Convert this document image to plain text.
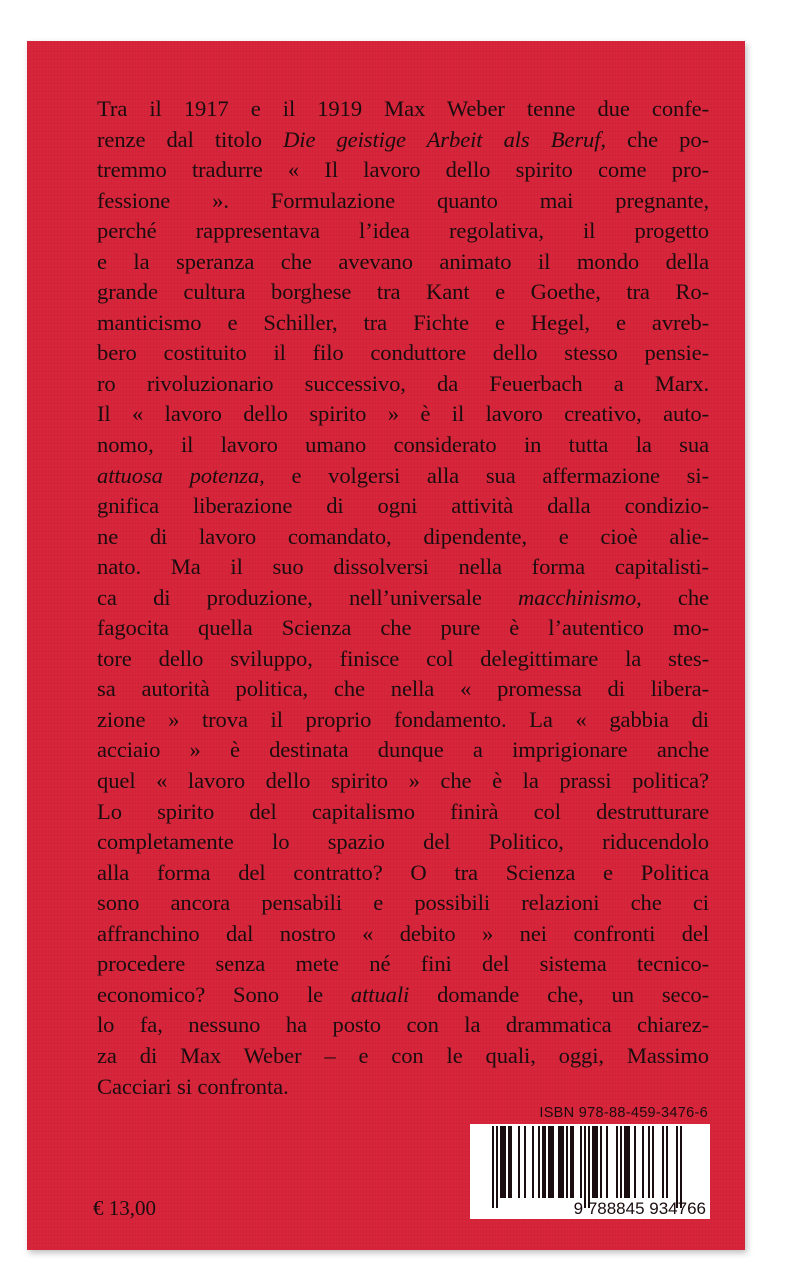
Tra il 1917 e il 1919 Max Weber tenne due confe-
renze dal titolo Die geistige Arbeit als Beruf, che po-
tremmo tradurre « Il lavoro dello spirito come pro-
fessione ». Formulazione quanto mai pregnante,
perché rappresentava l’idea regolativa, il progetto
e la speranza che avevano animato il mondo della
grande cultura borghese tra Kant e Goethe, tra Ro-
manticismo e Schiller, tra Fichte e Hegel, e avreb-
bero costituito il filo conduttore dello stesso pensie-
ro rivoluzionario successivo, da Feuerbach a Marx.
Il « lavoro dello spirito » è il lavoro creativo, auto-
nomo, il lavoro umano considerato in tutta la sua
attuosa potenza, e volgersi alla sua affermazione si-
gnifica liberazione di ogni attività dalla condizio-
ne di lavoro comandato, dipendente, e cioè alie-
nato. Ma il suo dissolversi nella forma capitalisti-
ca di produzione, nell’universale macchinismo, che
fagocita quella Scienza che pure è l’autentico mo-
tore dello sviluppo, finisce col delegittimare la stes-
sa autorità politica, che nella « promessa di libera-
zione » trova il proprio fondamento. La « gabbia di
acciaio » è destinata dunque a imprigionare anche
quel « lavoro dello spirito » che è la prassi politica?
Lo spirito del capitalismo finirà col destrutturare
completamente lo spazio del Politico, riducendolo
alla forma del contratto? O tra Scienza e Politica
sono ancora pensabili e possibili relazioni che ci
affranchino dal nostro « debito » nei confronti del
procedere senza mete né fini del sistema tecnico-
economico? Sono le attuali domande che, un seco-
lo fa, nessuno ha posto con la drammatica chiarez-
za di Max Weber – e con le quali, oggi, Massimo
Cacciari si confronta.
ISBN 978-88-459-3476-6
9 788845 934766
€ 13,00
